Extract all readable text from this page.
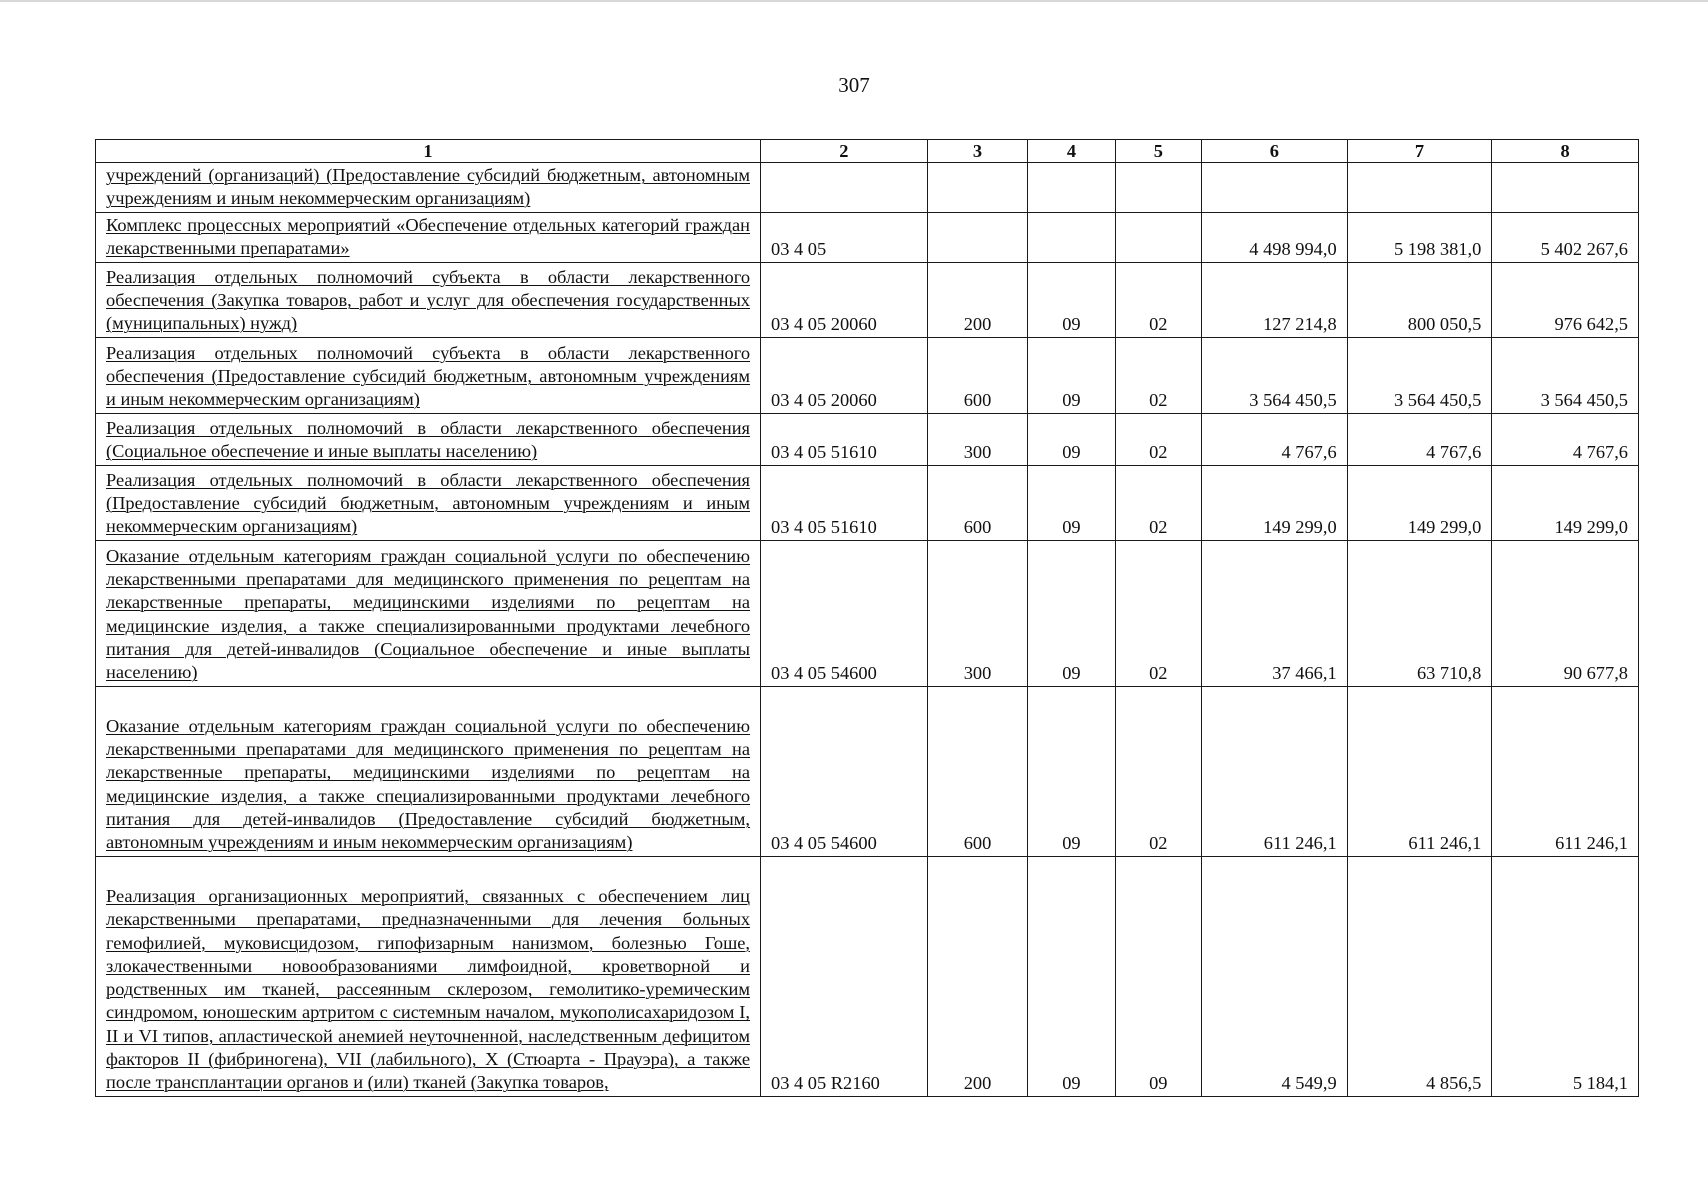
307
1	2	3	4	5	6	7	8
учреждений (организаций) (Предоставление субсидий бюджетным, автономным учреждениям и иным некоммерческим организациям)							
Комплекс процессных мероприятий «Обеспечение отдельных категорий граждан лекарственными препаратами»	03 4 05				4 498 994,0	5 198 381,0	5 402 267,6
Реализация отдельных полномочий субъекта в области лекарственного обеспечения (Закупка товаров, работ и услуг для обеспечения государственных (муниципальных) нужд)	03 4 05 20060	200	09	02	127 214,8	800 050,5	976 642,5
Реализация отдельных полномочий субъекта в области лекарственного обеспечения (Предоставление субсидий бюджетным, автономным учреждениям и иным некоммерческим организациям)	03 4 05 20060	600	09	02	3 564 450,5	3 564 450,5	3 564 450,5
Реализация отдельных полномочий в области лекарственного обеспечения (Социальное обеспечение и иные выплаты населению)	03 4 05 51610	300	09	02	4 767,6	4 767,6	4 767,6
Реализация отдельных полномочий в области лекарственного обеспечения (Предоставление субсидий бюджетным, автономным учреждениям и иным некоммерческим организациям)	03 4 05 51610	600	09	02	149 299,0	149 299,0	149 299,0
Оказание отдельным категориям граждан социальной услуги по обеспечению лекарственными препаратами для медицинского применения по рецептам на лекарственные препараты, медицинскими изделиями по рецептам на медицинские изделия, а также специализированными продуктами лечебного питания для детей-инвалидов (Социальное обеспечение и иные выплаты населению)	03 4 05 54600	300	09	02	37 466,1	63 710,8	90 677,8
Оказание отдельным категориям граждан социальной услуги по обеспечению лекарственными препаратами для медицинского применения по рецептам на лекарственные препараты, медицинскими изделиями по рецептам на медицинские изделия, а также специализированными продуктами лечебного питания для детей-инвалидов (Предоставление субсидий бюджетным, автономным учреждениям и иным некоммерческим организациям)	03 4 05 54600	600	09	02	611 246,1	611 246,1	611 246,1
Реализация организационных мероприятий, связанных с обеспечением лиц лекарственными препаратами, предназначенными для лечения больных гемофилией, муковисцидозом, гипофизарным нанизмом, болезнью Гоше, злокачественными новообразованиями лимфоидной, кроветворной и родственных им тканей, рассеянным склерозом, гемолитико-уремическим синдромом, юношеским артритом с системным началом, мукополисахаридозом I, II и VI типов, апластической анемией неуточненной, наследственным дефицитом факторов II (фибриногена), VII (лабильного), X (Стюарта - Прауэра), а также после трансплантации органов и (или) тканей (Закупка товаров,	03 4 05 R2160	200	09	09	4 549,9	4 856,5	5 184,1
